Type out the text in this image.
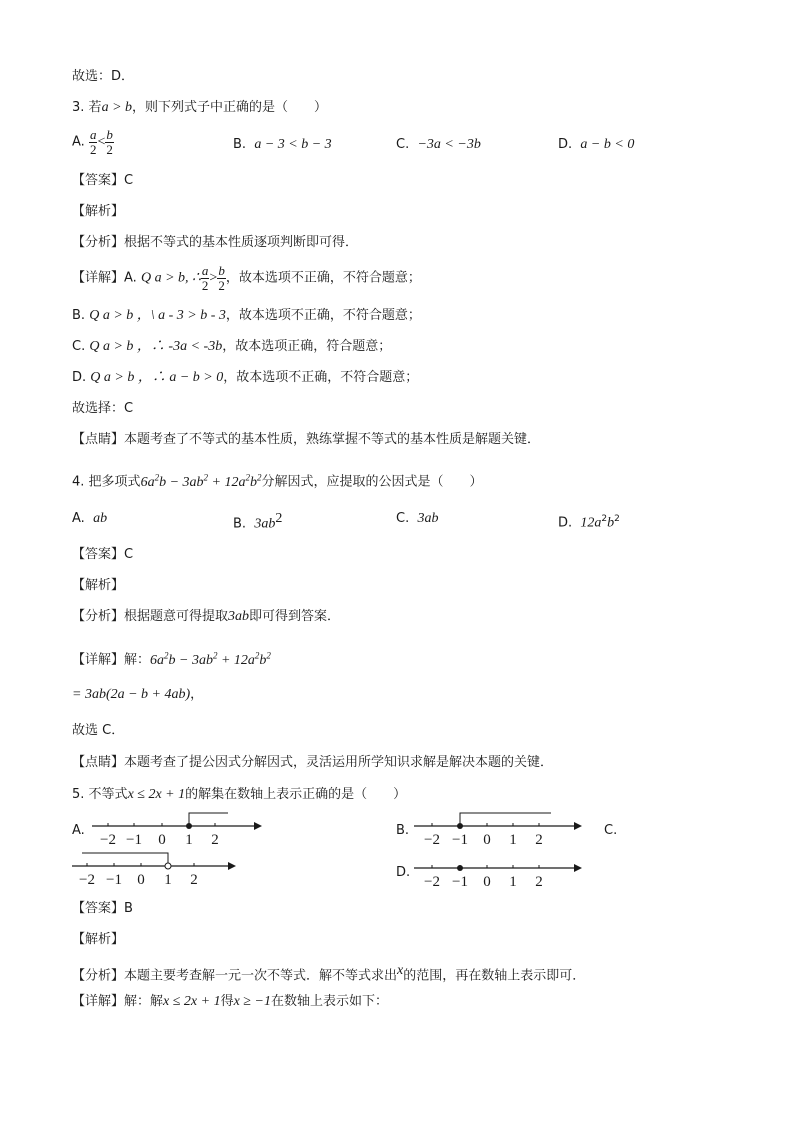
故选：D．
3. 若a > b，则下列式子中正确的是（　　）
A. $\frac{a}{2} < \frac{b}{2}$	B. a − 3 < b − 3	C. −3a < −3b	D. a − b < 0
【答案】C
【解析】
【分析】根据不等式的基本性质逐项判断即可得．
【详解】A. Q a > b, ∴ $\frac{a}{2} > \frac{b}{2}$ ，故本选项不正确，不符合题意；
B. Q a > b ，\ a - 3 > b - 3，故本选项不正确，不符合题意；
C. Q a > b ，∴ -3a < -3b，故本选项正确，符合题意；
D. Q a > b ，∴ a − b > 0，故本选项不正确，不符合题意；
故选择：C
【点睛】本题考查了不等式的基本性质，熟练掌握不等式的基本性质是解题关键．
4. 把多项式$6a^2b - 3ab^2 + 12a^2b^2$分解因式，应提取的公因式是（　　）
A. ab	B. $3ab^2$	C. 3ab	D. $12a^2b^2$
【答案】C
【解析】
【分析】根据题意可得提取3ab即可得到答案．
【详解】解：$6a^2b - 3ab^2 + 12a^2b^2$
= 3ab(2a − b + 4ab)，
故选 C．
【点睛】本题考查了提公因式分解因式，灵活运用所学知识求解是解决本题的关键．
5. 不等式x ≤ 2x + 1的解集在数轴上表示正确的是（　　）
A.
−2 −1 0 1 2
B.
−2 −1 0 1 2
C.
−2 −1 0 1 2	D.
−2 −1 0 1 2
【答案】B
【解析】
【分析】本题主要考查解一元一次不等式．解不等式求出$^x$的范围，再在数轴上表示即可．
【详解】解：解x ≤ 2x + 1得x ≥ −1在数轴上表示如下：
